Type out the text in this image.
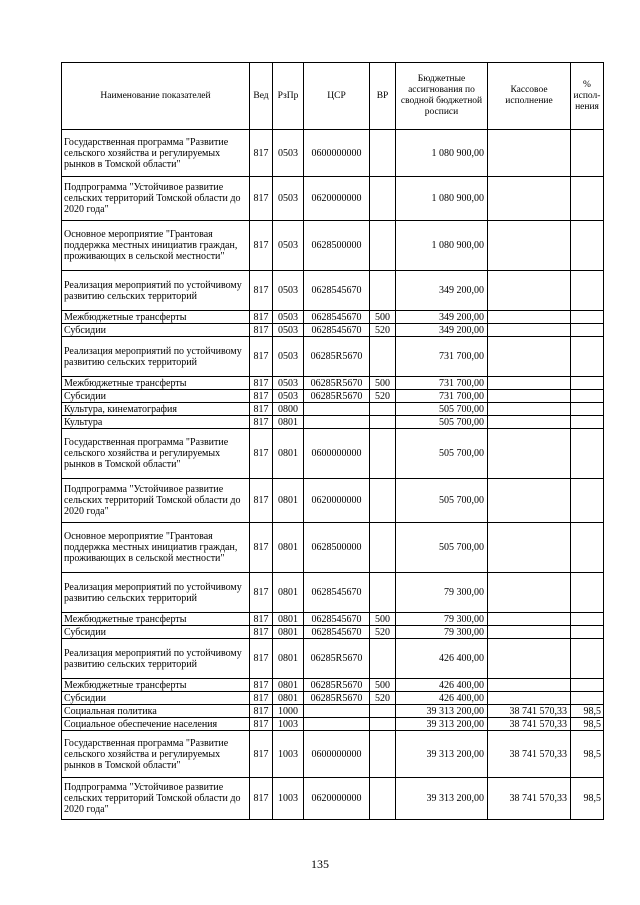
Наименование показателей	Вед	РзПр	ЦСР	ВР	Бюджетные ассигнования по сводной бюджетной росписи	Кассовое исполнение	% испол-нения
Государственная программа "Развитие сельского хозяйства и регулируемых рынков в Томской области"	817	0503	0600000000		1 080 900,00		
Подпрограмма "Устойчивое развитие сельских территорий Томской области до 2020 года"	817	0503	0620000000		1 080 900,00		
Основное мероприятие "Грантовая поддержка местных инициатив граждан, проживающих в сельской местности"	817	0503	0628500000		1 080 900,00		
Реализация мероприятий по устойчивому развитию сельских территорий	817	0503	0628545670		349 200,00		
Межбюджетные трансферты	817	0503	0628545670	500	349 200,00		
Субсидии	817	0503	0628545670	520	349 200,00		
Реализация мероприятий по устойчивому развитию сельских территорий	817	0503	06285R5670		731 700,00		
Межбюджетные трансферты	817	0503	06285R5670	500	731 700,00		
Субсидии	817	0503	06285R5670	520	731 700,00		
Культура, кинематография	817	0800			505 700,00		
Культура	817	0801			505 700,00		
Государственная программа "Развитие сельского хозяйства и регулируемых рынков в Томской области"	817	0801	0600000000		505 700,00		
Подпрограмма "Устойчивое развитие сельских территорий Томской области до 2020 года"	817	0801	0620000000		505 700,00		
Основное мероприятие "Грантовая поддержка местных инициатив граждан, проживающих в сельской местности"	817	0801	0628500000		505 700,00		
Реализация мероприятий по устойчивому развитию сельских территорий	817	0801	0628545670		79 300,00		
Межбюджетные трансферты	817	0801	0628545670	500	79 300,00		
Субсидии	817	0801	0628545670	520	79 300,00		
Реализация мероприятий по устойчивому развитию сельских территорий	817	0801	06285R5670		426 400,00		
Межбюджетные трансферты	817	0801	06285R5670	500	426 400,00		
Субсидии	817	0801	06285R5670	520	426 400,00		
Социальная политика	817	1000			39 313 200,00	38 741 570,33	98,5
Социальное обеспечение населения	817	1003			39 313 200,00	38 741 570,33	98,5
Государственная программа "Развитие сельского хозяйства и регулируемых рынков в Томской области"	817	1003	0600000000		39 313 200,00	38 741 570,33	98,5
Подпрограмма "Устойчивое развитие сельских территорий Томской области до 2020 года"	817	1003	0620000000		39 313 200,00	38 741 570,33	98,5
135
